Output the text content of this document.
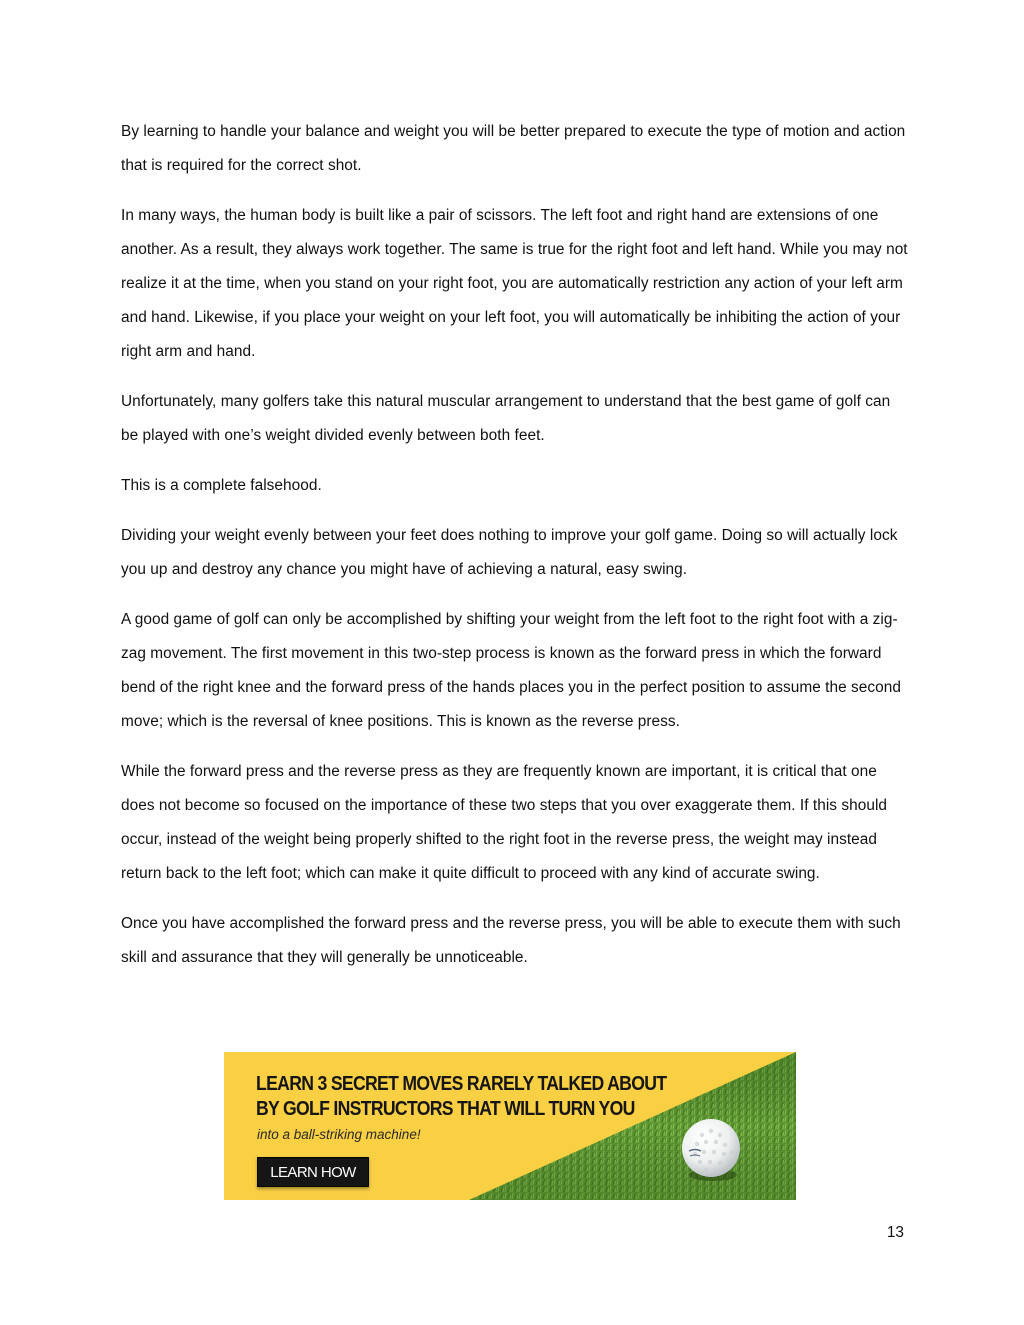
By learning to handle your balance and weight you will be better prepared to execute the type of motion and action that is required for the correct shot.

In many ways, the human body is built like a pair of scissors. The left foot and right hand are extensions of one another. As a result, they always work together. The same is true for the right foot and left hand. While you may not realize it at the time, when you stand on your right foot, you are automatically restriction any action of your left arm and hand. Likewise, if you place your weight on your left foot, you will automatically be inhibiting the action of your right arm and hand.

Unfortunately, many golfers take this natural muscular arrangement to understand that the best game of golf can be played with one’s weight divided evenly between both feet.

This is a complete falsehood.

Dividing your weight evenly between your feet does nothing to improve your golf game. Doing so will actually lock you up and destroy any chance you might have of achieving a natural, easy swing.

A good game of golf can only be accomplished by shifting your weight from the left foot to the right foot with a zig-zag movement. The first movement in this two-step process is known as the forward press in which the forward bend of the right knee and the forward press of the hands places you in the perfect position to assume the second move; which is the reversal of knee positions. This is known as the reverse press.

While the forward press and the reverse press as they are frequently known are important, it is critical that one does not become so focused on the importance of these two steps that you over exaggerate them. If this should occur, instead of the weight being properly shifted to the right foot in the reverse press, the weight may instead return back to the left foot; which can make it quite difficult to proceed with any kind of accurate swing.

Once you have accomplished the forward press and the reverse press, you will be able to execute them with such skill and assurance that they will generally be unnoticeable.

LEARN 3 SECRET MOVES RARELY TALKED ABOUT
BY GOLF INSTRUCTORS THAT WILL TURN YOU

into a ball-striking machine!

LEARN HOW
13
